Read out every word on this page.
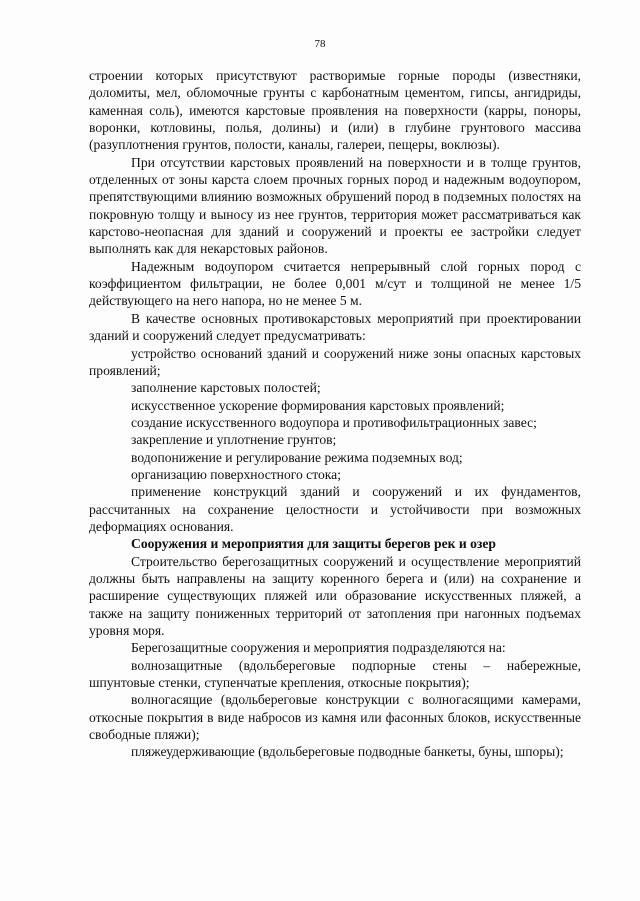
78

строении которых присутствуют растворимые горные породы (известняки, доломиты, мел, обломочные грунты с карбонатным цементом, гипсы, ангидриды, каменная соль), имеются карстовые проявления на поверхности (карры, поноры, воронки, котловины, полья, долины) и (или) в глубине грунтового массива (разуплотнения грунтов, полости, каналы, галереи, пещеры, воклюзы).

При отсутствии карстовых проявлений на поверхности и в толще грунтов, отделенных от зоны карста слоем прочных горных пород и надежным водоупором, препятствующими влиянию возможных обрушений пород в подземных полостях на покровную толщу и выносу из нее грунтов, территория может рассматриваться как карстово-неопасная для зданий и сооружений и проекты ее застройки следует выполнять как для некарстовых районов.

Надежным водоупором считается непрерывный слой горных пород с коэффициентом фильтрации, не более 0,001 м/сут и толщиной не менее 1/5 действующего на него напора, но не менее 5 м.

В качестве основных противокарстовых мероприятий при проектировании зданий и сооружений следует предусматривать:

устройство оснований зданий и сооружений ниже зоны опасных карстовых проявлений;

заполнение карстовых полостей;

искусственное ускорение формирования карстовых проявлений;

создание искусственного водоупора и противофильтрационных завес;

закрепление и уплотнение грунтов;

водопонижение и регулирование режима подземных вод;

организацию поверхностного стока;

применение конструкций зданий и сооружений и их фундаментов, рассчитанных на сохранение целостности и устойчивости при возможных деформациях основания.

Сооружения и мероприятия для защиты берегов рек и озер

Строительство берегозащитных сооружений и осуществление мероприятий должны быть направлены на защиту коренного берега и (или) на сохранение и расширение существующих пляжей или образование искусственных пляжей, а также на защиту пониженных территорий от затопления при нагонных подъемах уровня моря.

Берегозащитные сооружения и мероприятия подразделяются на:

волнозащитные (вдольбереговые подпорные стены – набережные, шпунтовые стенки, ступенчатые крепления, откосные покрытия);

волногасящие (вдольбереговые конструкции с волногасящими камерами, откосные покрытия в виде наброcов из камня или фасонных блоков, искусственные свободные пляжи);

пляжеудерживающие (вдольбереговые подводные банкеты, буны, шпоры);
